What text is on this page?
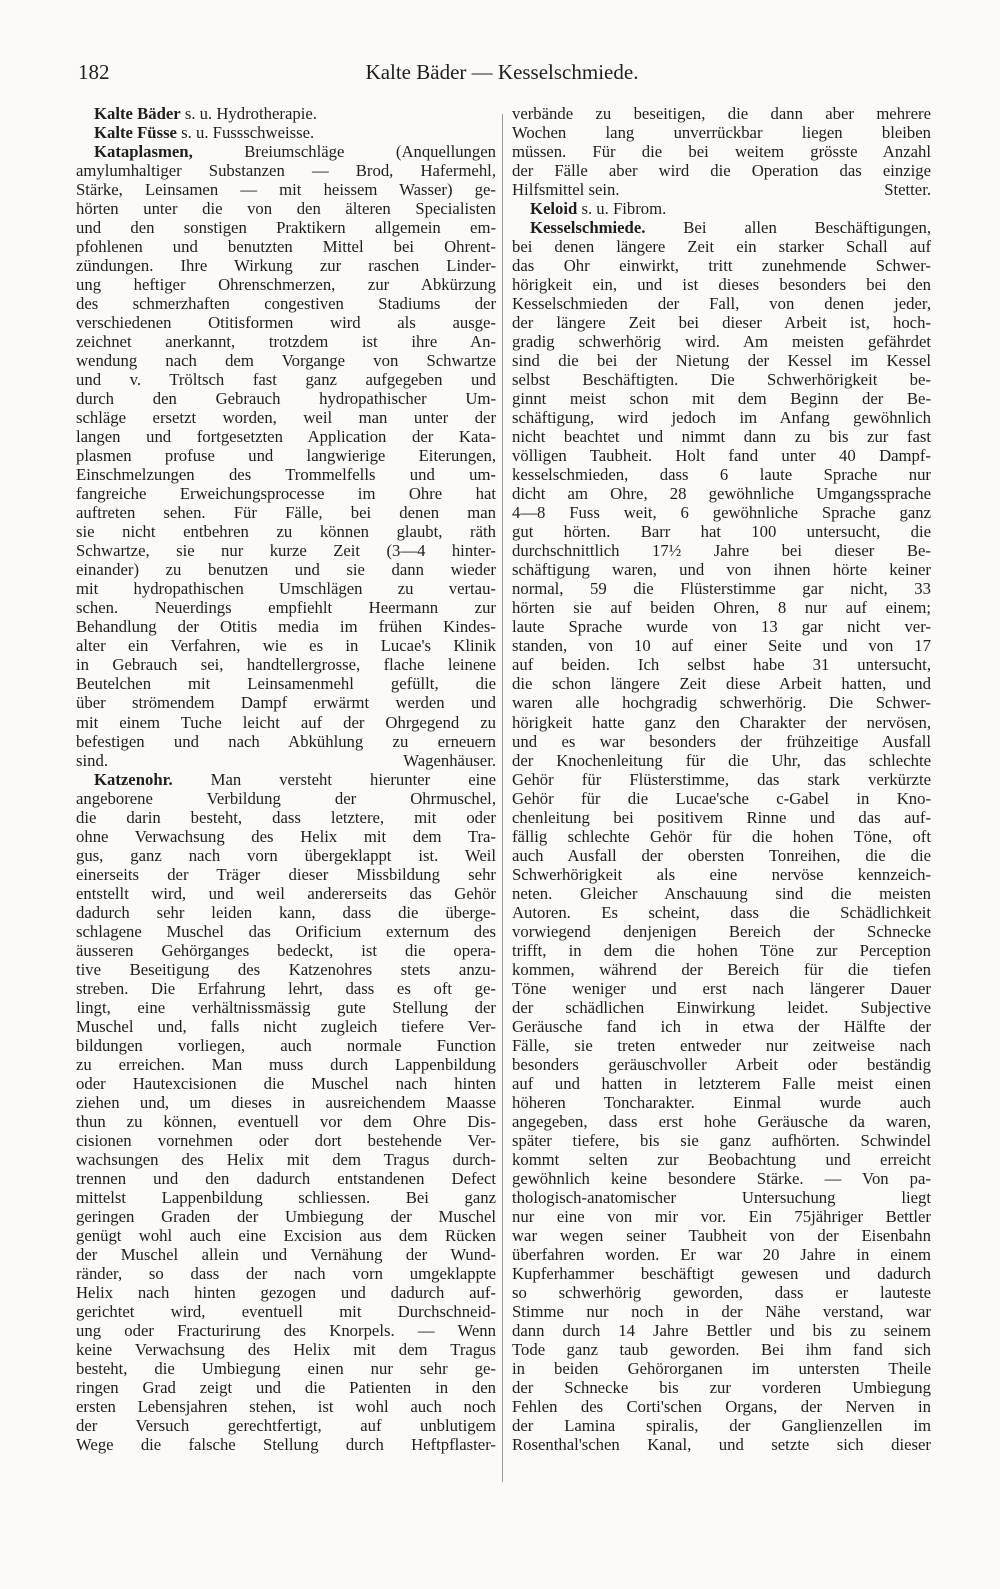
182	Kalte Bäder — Kesselschmiede.
Kalte Bäder s. u. Hydrotherapie.
Kalte Füsse s. u. Fussschweisse.
Kataplasmen, Breiumschläge (Anquellungen
amylumhaltiger Substanzen — Brod, Hafermehl,
Stärke, Leinsamen — mit heissem Wasser) ge-
hörten unter die von den älteren Specialisten
und den sonstigen Praktikern allgemein em-
pfohlenen und benutzten Mittel bei Ohrent-
zündungen. Ihre Wirkung zur raschen Linder-
ung heftiger Ohrenschmerzen, zur Abkürzung
des schmerzhaften congestiven Stadiums der
verschiedenen Otitisformen wird als ausge-
zeichnet anerkannt, trotzdem ist ihre An-
wendung nach dem Vorgange von Schwartze
und v. Tröltsch fast ganz aufgegeben und
durch den Gebrauch hydropathischer Um-
schläge ersetzt worden, weil man unter der
langen und fortgesetzten Application der Kata-
plasmen profuse und langwierige Eiterungen,
Einschmelzungen des Trommelfells und um-
fangreiche Erweichungsprocesse im Ohre hat
auftreten sehen. Für Fälle, bei denen man
sie nicht entbehren zu können glaubt, räth
Schwartze, sie nur kurze Zeit (3—4 hinter-
einander) zu benutzen und sie dann wieder
mit hydropathischen Umschlägen zu vertau-
schen. Neuerdings empfiehlt Heermann zur
Behandlung der Otitis media im frühen Kindes-
alter ein Verfahren, wie es in Lucae's Klinik
in Gebrauch sei, handtellergrosse, flache leinene
Beutelchen mit Leinsamenmehl gefüllt, die
über strömendem Dampf erwärmt werden und
mit einem Tuche leicht auf der Ohrgegend zu
befestigen und nach Abkühlung zu erneuern
sind.	Wagenhäuser.
Katzenohr. Man versteht hierunter eine
angeborene Verbildung der Ohrmuschel,
die darin besteht, dass letztere, mit oder
ohne Verwachsung des Helix mit dem Tra-
gus, ganz nach vorn übergeklappt ist. Weil
einerseits der Träger dieser Missbildung sehr
entstellt wird, und weil andererseits das Gehör
dadurch sehr leiden kann, dass die überge-
schlagene Muschel das Orificium externum des
äusseren Gehörganges bedeckt, ist die opera-
tive Beseitigung des Katzenohres stets anzu-
streben. Die Erfahrung lehrt, dass es oft ge-
lingt, eine verhältnissmässig gute Stellung der
Muschel und, falls nicht zugleich tiefere Ver-
bildungen vorliegen, auch normale Function
zu erreichen. Man muss durch Lappenbildung
oder Hautexcisionen die Muschel nach hinten
ziehen und, um dieses in ausreichendem Maasse
thun zu können, eventuell vor dem Ohre Dis-
cisionen vornehmen oder dort bestehende Ver-
wachsungen des Helix mit dem Tragus durch-
trennen und den dadurch entstandenen Defect
mittelst Lappenbildung schliessen. Bei ganz
geringen Graden der Umbiegung der Muschel
genügt wohl auch eine Excision aus dem Rücken
der Muschel allein und Vernähung der Wund-
ränder, so dass der nach vorn umgeklappte
Helix nach hinten gezogen und dadurch auf-
gerichtet wird, eventuell mit Durchschneid-
ung oder Fracturirung des Knorpels. — Wenn
keine Verwachsung des Helix mit dem Tragus
besteht, die Umbiegung einen nur sehr ge-
ringen Grad zeigt und die Patienten in den
ersten Lebensjahren stehen, ist wohl auch noch
der Versuch gerechtfertigt, auf unblutigem
Wege die falsche Stellung durch Heftpflaster-
verbände zu beseitigen, die dann aber mehrere
Wochen lang unverrückbar liegen bleiben
müssen. Für die bei weitem grösste Anzahl
der Fälle aber wird die Operation das einzige
Hilfsmittel sein.	Stetter.
Keloid s. u. Fibrom.
Kesselschmiede. Bei allen Beschäftigungen,
bei denen längere Zeit ein starker Schall auf
das Ohr einwirkt, tritt zunehmende Schwer-
hörigkeit ein, und ist dieses besonders bei den
Kesselschmieden der Fall, von denen jeder,
der längere Zeit bei dieser Arbeit ist, hoch-
gradig schwerhörig wird. Am meisten gefährdet
sind die bei der Nietung der Kessel im Kessel
selbst Beschäftigten. Die Schwerhörigkeit be-
ginnt meist schon mit dem Beginn der Be-
schäftigung, wird jedoch im Anfang gewöhnlich
nicht beachtet und nimmt dann zu bis zur fast
völligen Taubheit. Holt fand unter 40 Dampf-
kesselschmieden, dass 6 laute Sprache nur
dicht am Ohre, 28 gewöhnliche Umgangssprache
4—8 Fuss weit, 6 gewöhnliche Sprache ganz
gut hörten. Barr hat 100 untersucht, die
durchschnittlich 17½ Jahre bei dieser Be-
schäftigung waren, und von ihnen hörte keiner
normal, 59 die Flüsterstimme gar nicht, 33
hörten sie auf beiden Ohren, 8 nur auf einem;
laute Sprache wurde von 13 gar nicht ver-
standen, von 10 auf einer Seite und von 17
auf beiden. Ich selbst habe 31 untersucht,
die schon längere Zeit diese Arbeit hatten, und
waren alle hochgradig schwerhörig. Die Schwer-
hörigkeit hatte ganz den Charakter der nervösen,
und es war besonders der frühzeitige Ausfall
der Knochenleitung für die Uhr, das schlechte
Gehör für Flüsterstimme, das stark verkürzte
Gehör für die Lucae'sche c-Gabel in Kno-
chenleitung bei positivem Rinne und das auf-
fällig schlechte Gehör für die hohen Töne, oft
auch Ausfall der obersten Tonreihen, die die
Schwerhörigkeit als eine nervöse kennzeich-
neten. Gleicher Anschauung sind die meisten
Autoren. Es scheint, dass die Schädlichkeit
vorwiegend denjenigen Bereich der Schnecke
trifft, in dem die hohen Töne zur Perception
kommen, während der Bereich für die tiefen
Töne weniger und erst nach längerer Dauer
der schädlichen Einwirkung leidet. Subjective
Geräusche fand ich in etwa der Hälfte der
Fälle, sie treten entweder nur zeitweise nach
besonders geräuschvoller Arbeit oder beständig
auf und hatten in letzterem Falle meist einen
höheren Toncharakter. Einmal wurde auch
angegeben, dass erst hohe Geräusche da waren,
später tiefere, bis sie ganz aufhörten. Schwindel
kommt selten zur Beobachtung und erreicht
gewöhnlich keine besondere Stärke. — Von pa-
thologisch-anatomischer Untersuchung liegt
nur eine von mir vor. Ein 75jähriger Bettler
war wegen seiner Taubheit von der Eisenbahn
überfahren worden. Er war 20 Jahre in einem
Kupferhammer beschäftigt gewesen und dadurch
so schwerhörig geworden, dass er lauteste
Stimme nur noch in der Nähe verstand, war
dann durch 14 Jahre Bettler und bis zu seinem
Tode ganz taub geworden. Bei ihm fand sich
in beiden Gehörorganen im untersten Theile
der Schnecke bis zur vorderen Umbiegung
Fehlen des Corti'schen Organs, der Nerven in
der Lamina spiralis, der Ganglienzellen im
Rosenthal'schen Kanal, und setzte sich dieser
